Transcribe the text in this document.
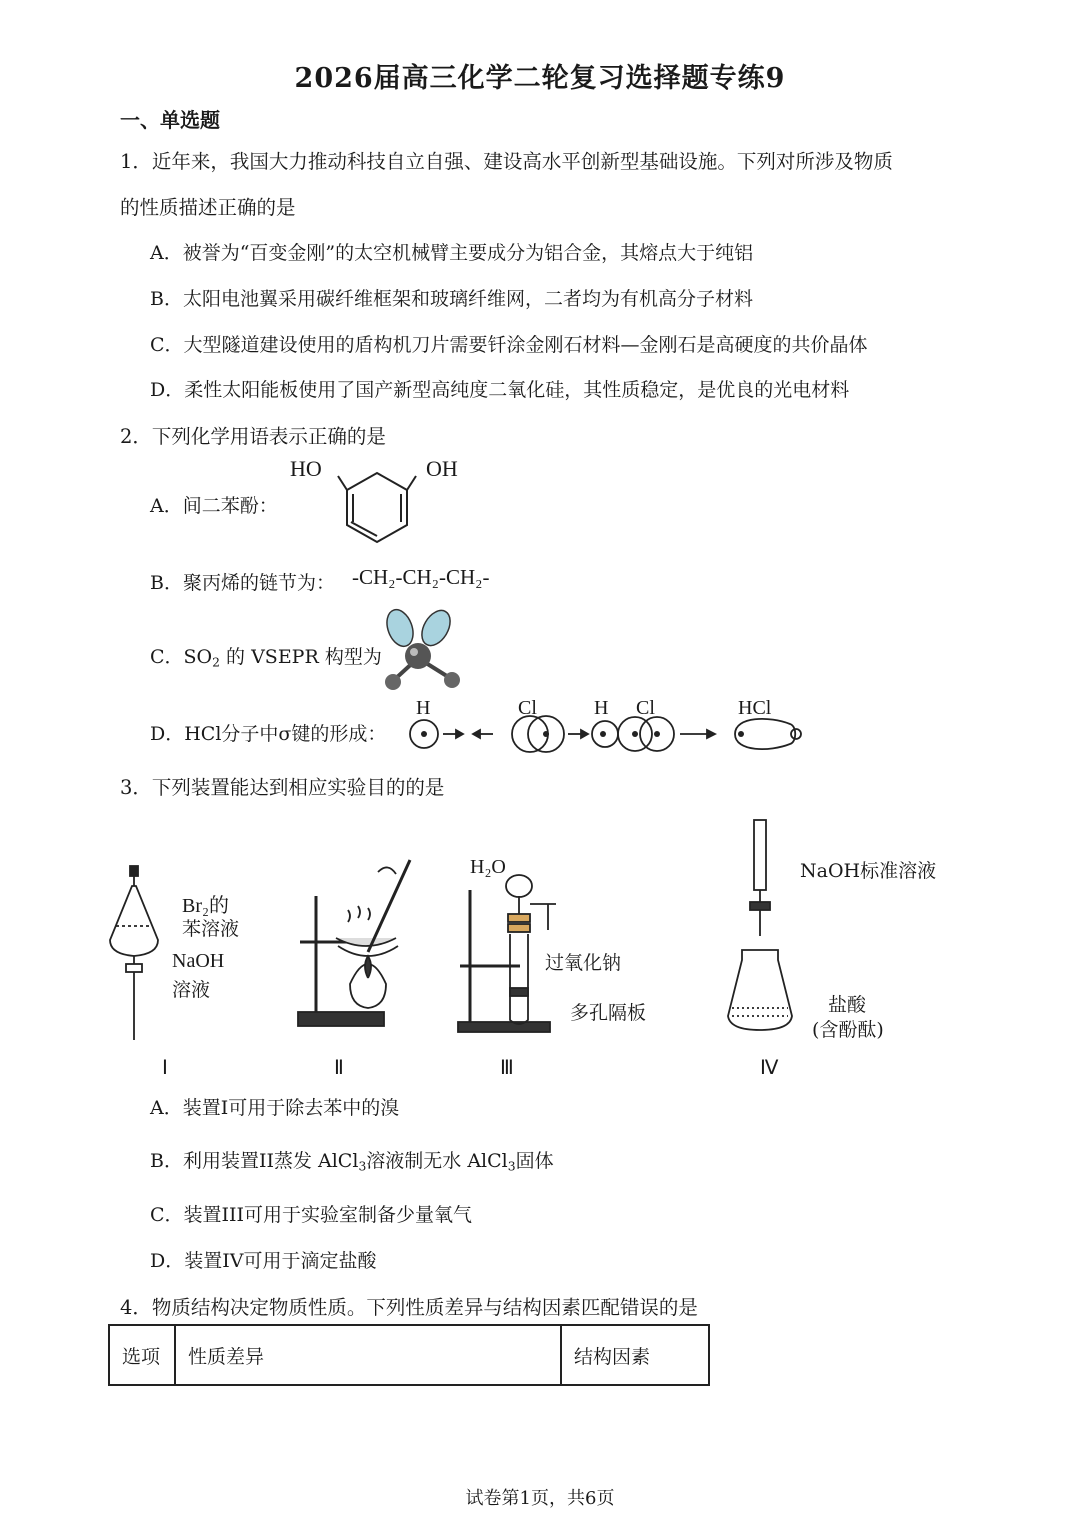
2026届高三化学二轮复习选择题专练9
一、单选题
1．近年来，我国大力推动科技自立自强、建设高水平创新型基础设施。下列对所涉及物质
的性质描述正确的是
A．被誉为“百变金刚”的太空机械臂主要成分为铝合金，其熔点大于纯铝
B．太阳电池翼采用碳纤维框架和玻璃纤维网，二者均为有机高分子材料
C．大型隧道建设使用的盾构机刀片需要钎涂金刚石材料—金刚石是高硬度的共价晶体
D．柔性太阳能板使用了国产新型高纯度二氧化硅，其性质稳定，是优良的光电材料
2．下列化学用语表示正确的是
A．间二苯酚：
HO	OH
B．聚丙烯的链节为： -CH₂-CH₂-CH₂-
C．$SO_2$ 的 VSEPR 构型为
D．HCl分子中σ键的形成：
H	Cl	H Cl	HCl
3．下列装置能达到相应实验目的的是
Br₂的
苯溶液
NaOH
溶液
H₂O
过氧化钠
多孔隔板
NaOH标准溶液
盐酸
(含酚酞)
Ⅰ	Ⅱ	Ⅲ	Ⅳ
A．装置I可用于除去苯中的溴
B．利用装置II蒸发 AlCl$_3$溶液制无水 AlCl$_3$固体
C．装置III可用于实验室制备少量氧气
D．装置IV可用于滴定盐酸
4．物质结构决定物质性质。下列性质差异与结构因素匹配错误的是
选项	性质差异	结构因素
试卷第1页，共6页
